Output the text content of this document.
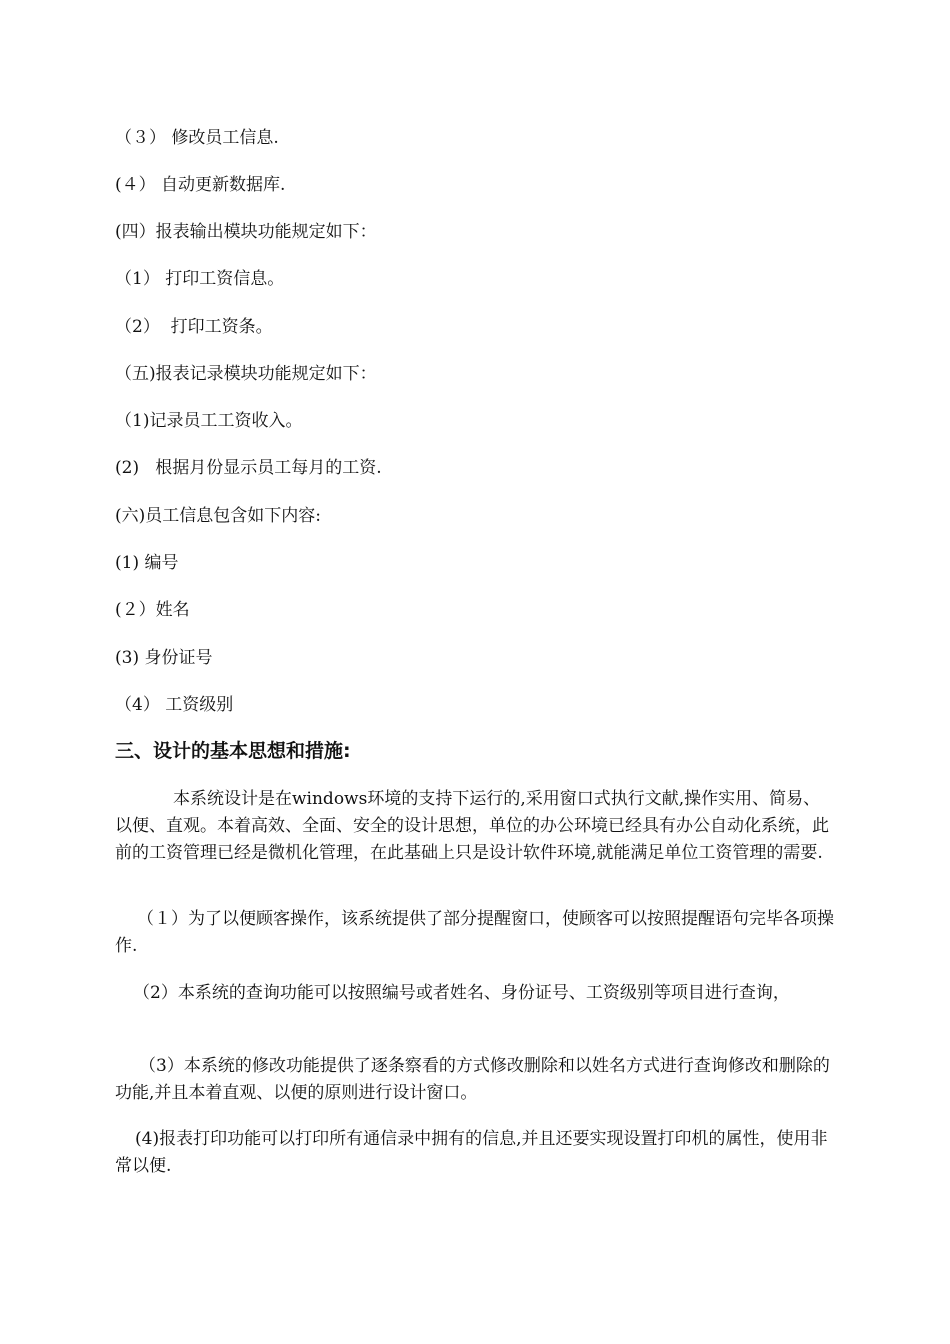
（３） 修改员工信息.
(４） 自动更新数据库.
(四）报表输出模块功能规定如下：
（1） 打印工资信息。
（2）  打印工资条。
（五)报表记录模块功能规定如下：
（1)记录员工工资收入。
(2)   根据月份显示员工每月的工资.
(六)员工信息包含如下内容:
(1) 编号
(２）姓名
(3) 身份证号
（4） 工资级别
三、设计的基本思想和措施:
本系统设计是在windows环境的支持下运行的,采用窗口式执行文献,操作实用、简易、以便、直观。本着高效、全面、安全的设计思想，单位的办公环境已经具有办公自动化系统，此前的工资管理已经是微机化管理，在此基础上只是设计软件环境,就能满足单位工资管理的需要.
（１）为了以便顾客操作，该系统提供了部分提醒窗口，使顾客可以按照提醒语句完毕各项操作.
（2）本系统的查询功能可以按照编号或者姓名、身份证号、工资级别等项目进行查询，
（3）本系统的修改功能提供了逐条察看的方式修改删除和以姓名方式进行查询修改和删除的功能,并且本着直观、以便的原则进行设计窗口。
(4)报表打印功能可以打印所有通信录中拥有的信息,并且还要实现设置打印机的属性，使用非常以便.
